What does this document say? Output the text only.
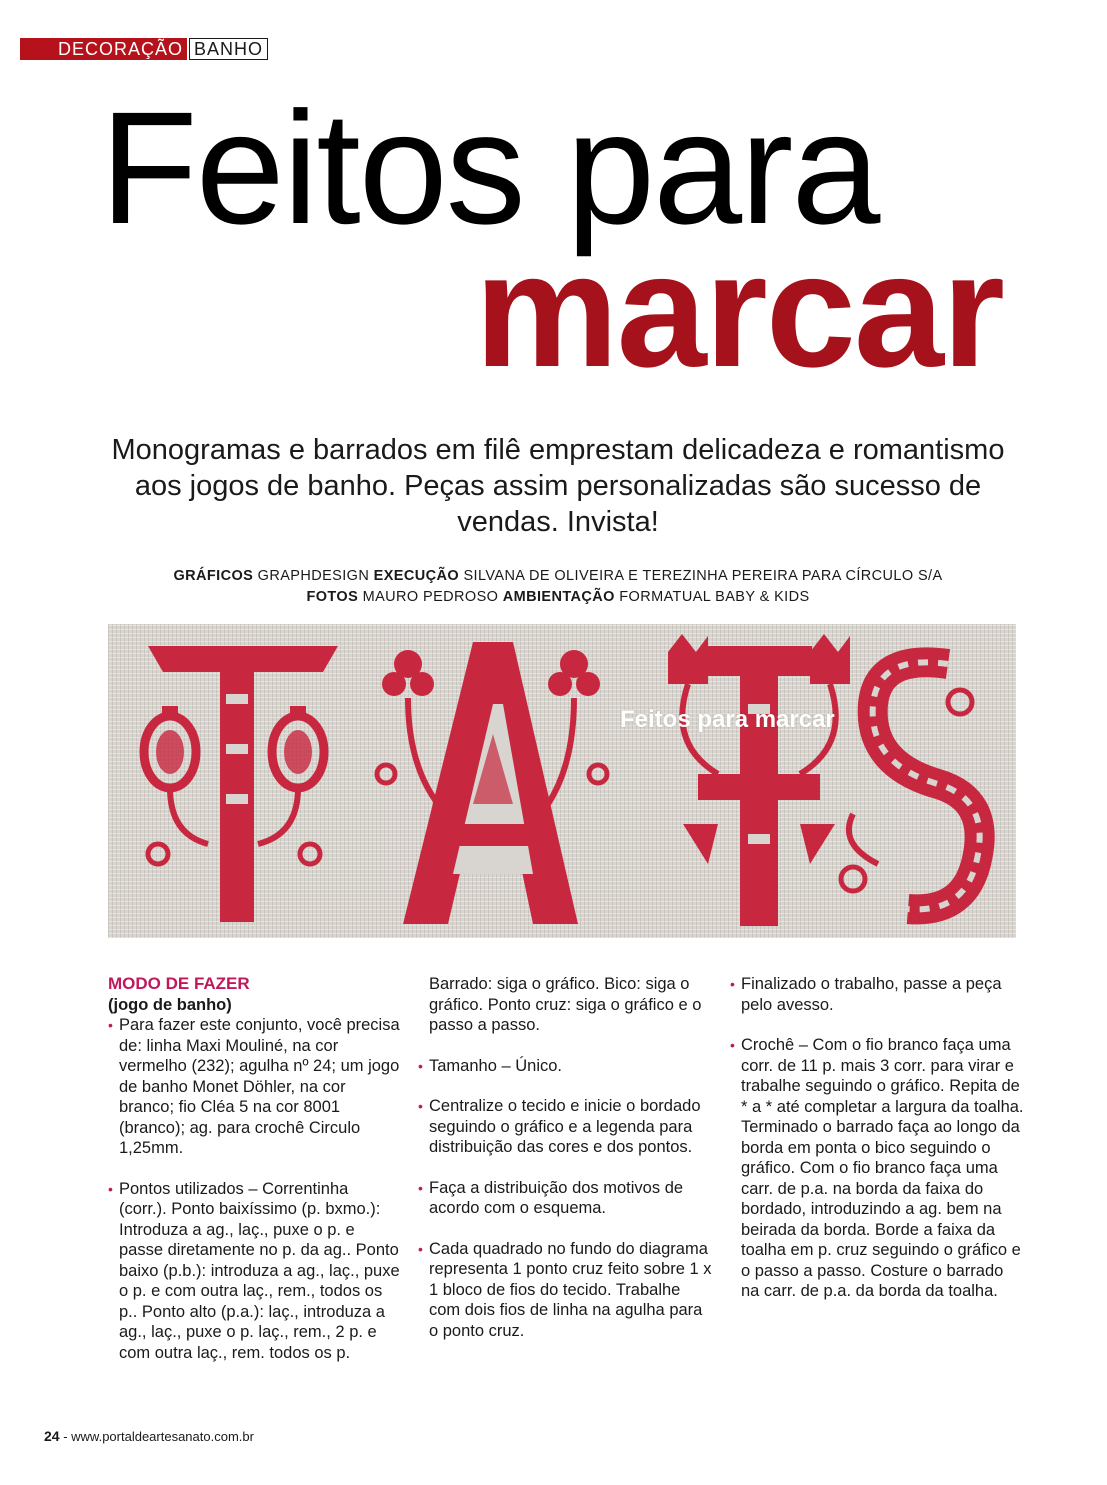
DECORAÇÃO BANHO
Feitos para
marcar
Monogramas e barrados em filê emprestam delicadeza e romantismo aos jogos de banho. Peças assim personalizadas são sucesso de vendas. Invista!
GRÁFICOS GRAPHDESIGN EXECUÇÃO SILVANA DE OLIVEIRA E TEREZINHA PEREIRA PARA CÍRCULO S/A
FOTOS MAURO PEDROSO AMBIENTAÇÃO FORMATUAL BABY & KIDS
Feitos para marcar
MODO DE FAZER
(jogo de banho)
• Para fazer este conjunto, você precisa de: linha Maxi Mouliné, na cor vermelho (232); agulha nº 24; um jogo de banho Monet Döhler, na cor branco; fio Cléa 5 na cor 8001 (branco); ag. para crochê Circulo 1,25mm.
• Pontos utilizados – Correntinha (corr.). Ponto baixíssimo (p. bxmo.): Introduza a ag., laç., puxe o p. e passe diretamente no p. da ag.. Ponto baixo (p.b.): introduza a ag., laç., puxe o p. e com outra laç., rem., todos os p.. Ponto alto (p.a.): laç., introduza a ag., laç., puxe o p. laç., rem., 2 p. e com outra laç., rem. todos os p.
Barrado: siga o gráfico. Bico: siga o gráfico. Ponto cruz: siga o gráfico e o passo a passo.
• Tamanho – Único.
• Centralize o tecido e inicie o bordado seguindo o gráfico e a legenda para distribuição das cores e dos pontos.
• Faça a distribuição dos motivos de acordo com o esquema.
• Cada quadrado no fundo do diagrama representa 1 ponto cruz feito sobre 1 x 1 bloco de fios do tecido. Trabalhe com dois fios de linha na agulha para o ponto cruz.
• Finalizado o trabalho, passe a peça pelo avesso.
• Crochê – Com o fio branco faça uma corr. de 11 p. mais 3 corr. para virar e trabalhe seguindo o gráfico. Repita de * a * até completar a largura da toalha. Terminado o barrado faça ao longo da borda em ponta o bico seguindo o gráfico. Com o fio branco faça uma carr. de p.a. na borda da faixa do bordado, introduzindo a ag. bem na beirada da borda. Borde a faixa da toalha em p. cruz seguindo o gráfico e o passo a passo. Costure o barrado na carr. de p.a. da borda da toalha.
24 - www.portaldeartesanato.com.br
